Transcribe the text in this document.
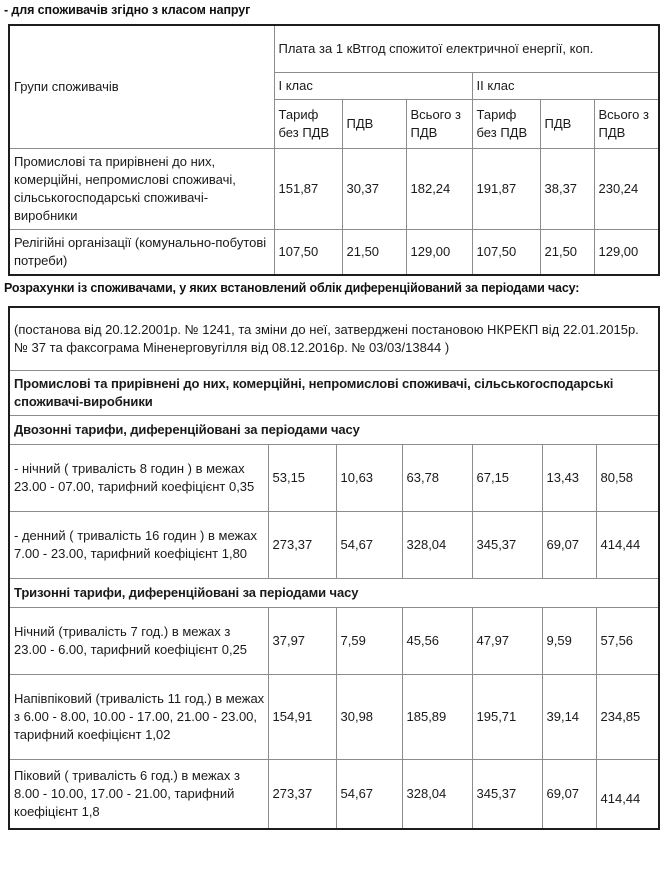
- для споживачів згідно з класом напруг
Групи споживачів	Плата за 1 кВтгод спожитої електричної енергії, коп.					
	I клас			II клас		
	Тариф без ПДВ	ПДВ	Всього з ПДВ	Тариф без ПДВ	ПДВ	Всього з ПДВ
Промислові та прирівнені до них, комерційні, непромислові споживачі, сільськогосподарські споживачі-виробники	151,87	30,37	182,24	191,87	38,37	230,24
Релігійні організації (комунально-побутові потреби)	107,50	21,50	129,00	107,50	21,50	129,00
Розрахунки із споживачами, у яких встановлений облік диференційований за періодами часу:
(постанова від 20.12.2001р. № 1241, та зміни до неї, затверджені постановою НКРЕКП від 22.01.2015р. № 37 та факсограма Міненерговугілля від 08.12.2016р. № 03/03/13844 )						
Промислові та прирівнені до них, комерційні, непромислові споживачі, сільськогосподарські споживачі-виробники						
Двозонні тарифи, диференційовані за періодами часу						
- нічний ( тривалість 8 годин ) в межах 23.00 - 07.00, тарифний коефіцієнт 0,35	53,15	10,63	63,78	67,15	13,43	80,58
- денний ( тривалість 16 годин ) в межах 7.00 - 23.00, тарифний коефіцієнт 1,80	273,37	54,67	328,04	345,37	69,07	414,44
Тризонні тарифи, диференційовані за періодами часу						
Нічний (тривалість 7 год.) в межах з 23.00 - 6.00, тарифний коефіцієнт 0,25	37,97	7,59	45,56	47,97	9,59	57,56
Напівпіковий (тривалість 11 год.) в межах з 6.00 - 8.00, 10.00 - 17.00, 21.00 - 23.00, тарифний коефіцієнт 1,02	154,91	30,98	185,89	195,71	39,14	234,85
Піковий ( тривалість 6 год.) в межах з 8.00 - 10.00, 17.00 - 21.00, тарифний коефіцієнт 1,8	273,37	54,67	328,04	345,37	69,07	414,44
